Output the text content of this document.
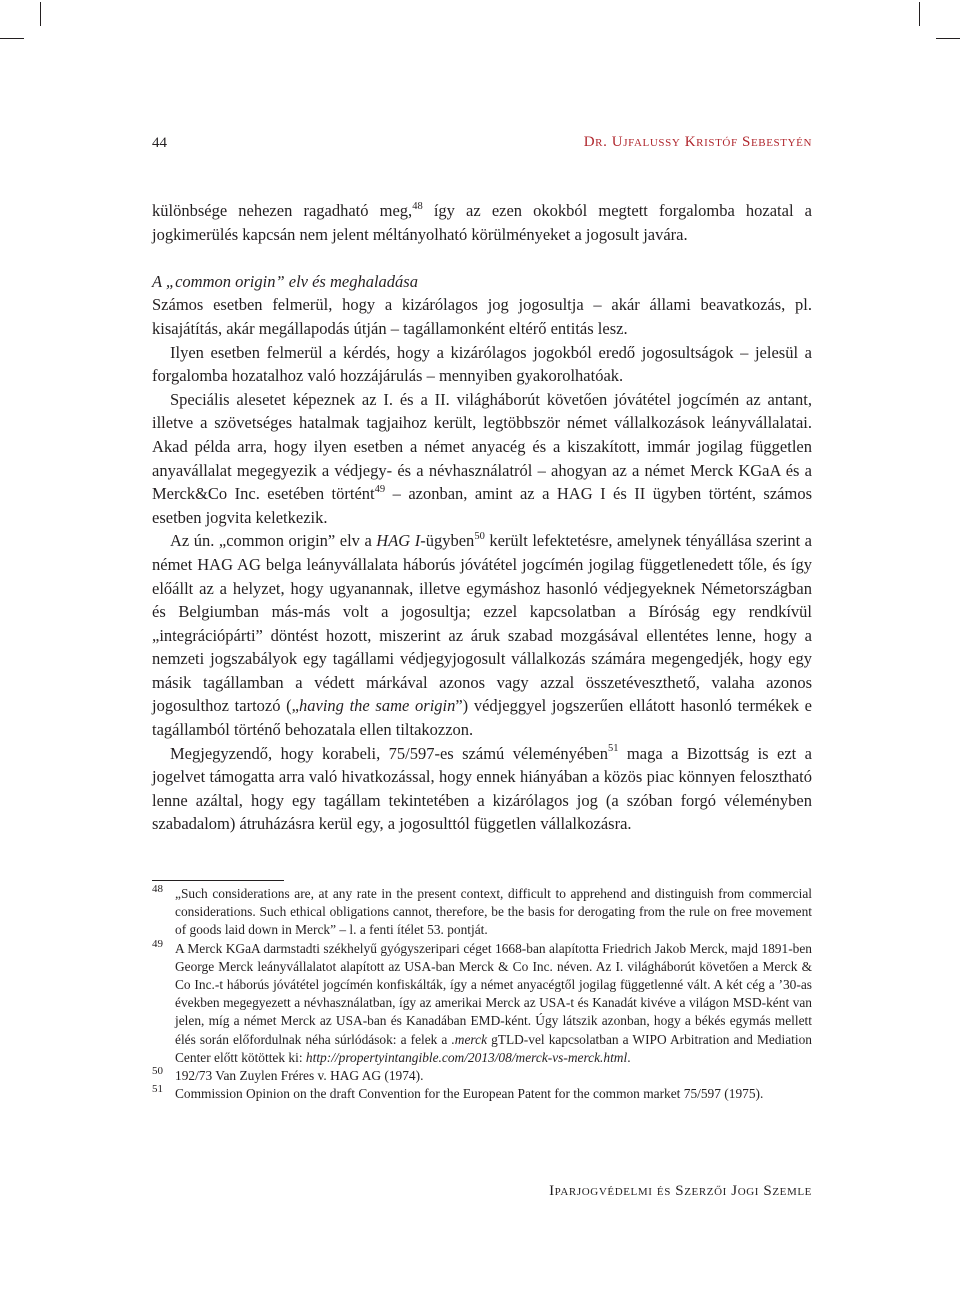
44	Dr. Ujfalussy Kristóf Sebestyén

különbsége nehezen ragadható meg,$^{48}$ így az ezen okokból megtett forgalomba hozatal a jogkimerülés kapcsán nem jelent méltányolható körülményeket a jogosult javára.

A „common origin” elv és meghaladása

Számos esetben felmerül, hogy a kizárólagos jog jogosultja – akár állami beavatkozás, pl. kisajátítás, akár megállapodás útján – tagállamonként eltérő entitás lesz.

Ilyen esetben felmerül a kérdés, hogy a kizárólagos jogokból eredő jogosultságok – jelesül a forgalomba hozatalhoz való hozzájárulás – mennyiben gyakorolhatóak.

Speciális alesetet képeznek az I. és a II. világháborút követően jóvátétel jogcímén az antant, illetve a szövetséges hatalmak tagjaihoz került, legtöbbször német vállalkozások leányvállalatai. Akad példa arra, hogy ilyen esetben a német anyacég és a kiszakított, immár jogilag független anyavállalat megegyezik a védjegy- és a névhasználatról – ahogyan az a német Merck KGaA és a Merck&Co Inc. esetében történt$^{49}$ – azonban, amint az a HAG I és II ügyben történt, számos esetben jogvita keletkezik.

Az ún. „common origin” elv a HAG I-ügyben$^{50}$ került lefektetésre, amelynek tényállása szerint a német HAG AG belga leányvállalata háborús jóvátétel jogcímén jogilag függetlenedett tőle, és így előállt az a helyzet, hogy ugyanannak, illetve egymáshoz hasonló védjegyeknek Németországban és Belgiumban más-más volt a jogosultja; ezzel kapcsolatban a Bíróság egy rendkívül „integrációpárti” döntést hozott, miszerint az áruk szabad mozgásával ellentétes lenne, hogy a nemzeti jogszabályok egy tagállami védjegyjogosult vállalkozás számára megengedjék, hogy egy másik tagállamban a védett márkával azonos vagy azzal összetéveszthető, valaha azonos jogosulthoz tartozó („having the same origin”) védjeggyel jogszerűen ellátott hasonló termékek e tagállamból történő behozatala ellen tiltakozzon.

Megjegyzendő, hogy korabeli, 75/597-es számú véleményében$^{51}$ maga a Bizottság is ezt a jogelvet támogatta arra való hivatkozással, hogy ennek hiányában a közös piac könnyen felosztható lenne azáltal, hogy egy tagállam tekintetében a kizárólagos jog (a szóban forgó véleményben szabadalom) átruházásra kerül egy, a jogosulttól független vállalkozásra.

48 „Such considerations are, at any rate in the present context, difficult to apprehend and distinguish from commercial considerations. Such ethical obligations cannot, therefore, be the basis for derogating from the rule on free movement of goods laid down in Merck” – l. a fenti ítélet 53. pontját.

49 A Merck KGaA darmstadti székhelyű gyógyszeripari céget 1668-ban alapította Friedrich Jakob Merck, majd 1891-ben George Merck leányvállalatot alapított az USA-ban Merck & Co Inc. néven. Az I. világháborút követően a Merck & Co Inc.-t háborús jóvátétel jogcímén konfiskálták, így a német anyacégtől jogilag függetlenné vált. A két cég a ’30-as években megegyezett a névhasználatban, így az amerikai Merck az USA-t és Kanadát kivéve a világon MSD-ként van jelen, míg a német Merck az USA-ban és Kanadában EMD-ként. Úgy látszik azonban, hogy a békés egymás mellett élés során előfordulnak néha súrlódások: a felek a .merck gTLD-vel kapcsolatban a WIPO Arbitration and Mediation Center előtt kötöttek ki: http://propertyintangible.com/2013/08/merck-vs-merck.html.

50 192/73 Van Zuylen Fréres v. HAG AG (1974).

51 Commission Opinion on the draft Convention for the European Patent for the common market 75/597 (1975).

Iparjogvédelmi és Szerzői Jogi Szemle
